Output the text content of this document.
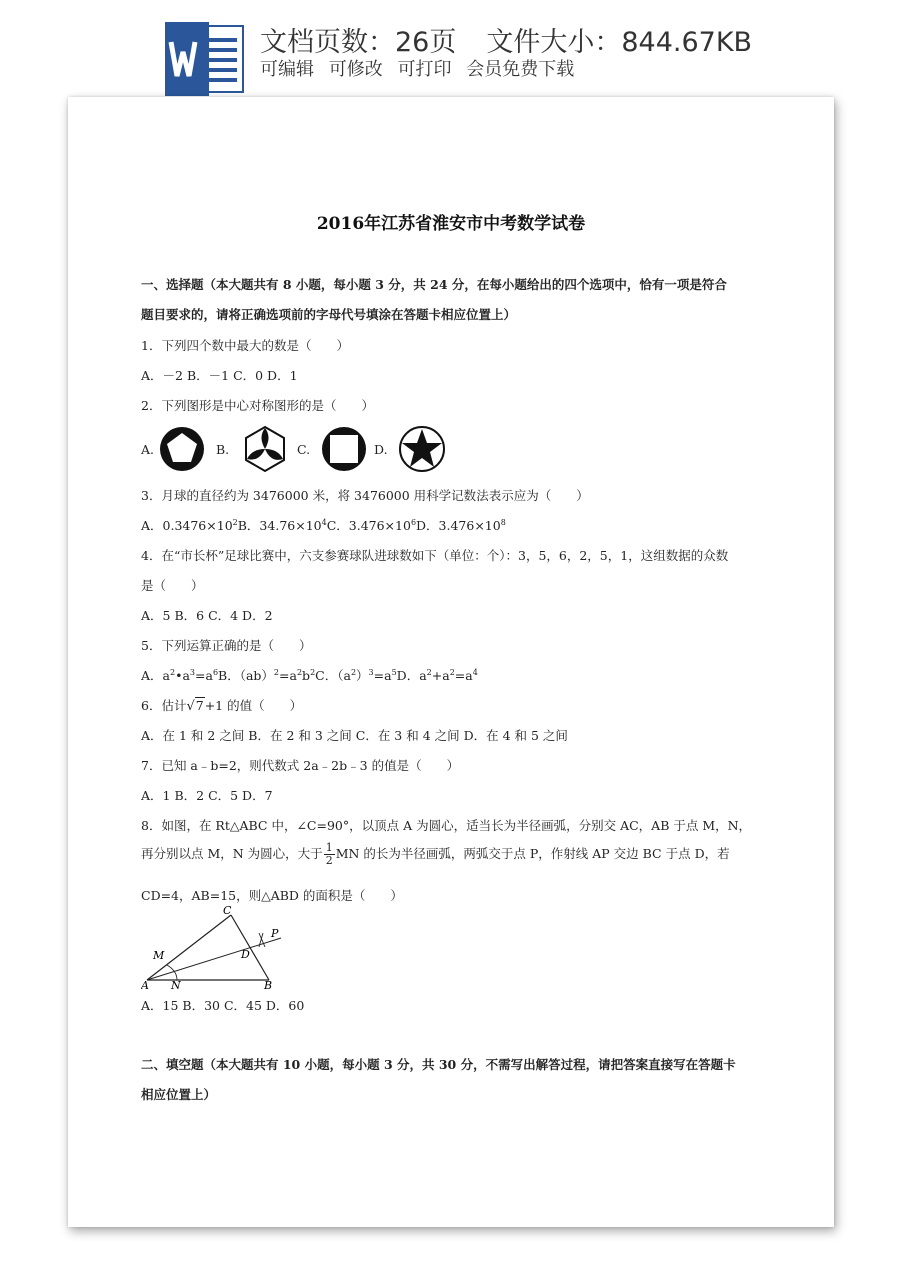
文档页数：26页 文件大小：844.67KB
可编辑 可修改 可打印 会员免费下载
2016年江苏省淮安市中考数学试卷
一、选择题（本大题共有 8 小题，每小题 3 分，共 24 分，在每小题给出的四个选项中，恰有一项是符合
题目要求的，请将正确选项前的字母代号填涂在答题卡相应位置上）
1．下列四个数中最大的数是（　　）
A．－2 B．－1 C．0 D．1
2．下列图形是中心对称图形的是（　　）
A.	B.	C.	D.
3．月球的直径约为 3476000 米，将 3476000 用科学记数法表示应为（　　）
A．$0.3476\times 10^2B$．$34.76\times 10^4C$．$3.476\times 10^6D$．$3.476\times 10^8$
4．在“市长杯”足球比赛中，六支参赛球队进球数如下（单位：个）：3，5，6，2，5，1，这组数据的众数
是（　　）
A．5 B．6 C．4 D．2
5．下列运算正确的是（　　）
A．$a^2•a^3=a^6B$．$(ab)^2=a^2b^2C$．$(a^2)^3=a^5D$．$a^2+a^2=a^4$
6．估计√7+1 的值（　　）
A．在 1 和 2 之间 B．在 2 和 3 之间 C．在 3 和 4 之间 D．在 4 和 5 之间
7．已知 a﹣b=2，则代数式 2a﹣2b﹣3 的值是（　　）
A．1 B．2 C．5 D．7
8．如图，在 Rt△ABC 中，∠C=90°，以顶点 A 为圆心，适当长为半径画弧，分别交 AC，AB 于点 M，N，
再分别以点 M，N 为圆心，大于 $\frac{1}{2}$ MN 的长为半径画弧，两弧交于点 P，作射线 AP 交边 BC 于点 D，若
CD=4，AB=15，则△ABD 的面积是（　　）
C
P
M	D
A N	B
A．15 B．30 C．45 D．60
二、填空题（本大题共有 10 小题，每小题 3 分，共 30 分，不需写出解答过程，请把答案直接写在答题卡
相应位置上）
